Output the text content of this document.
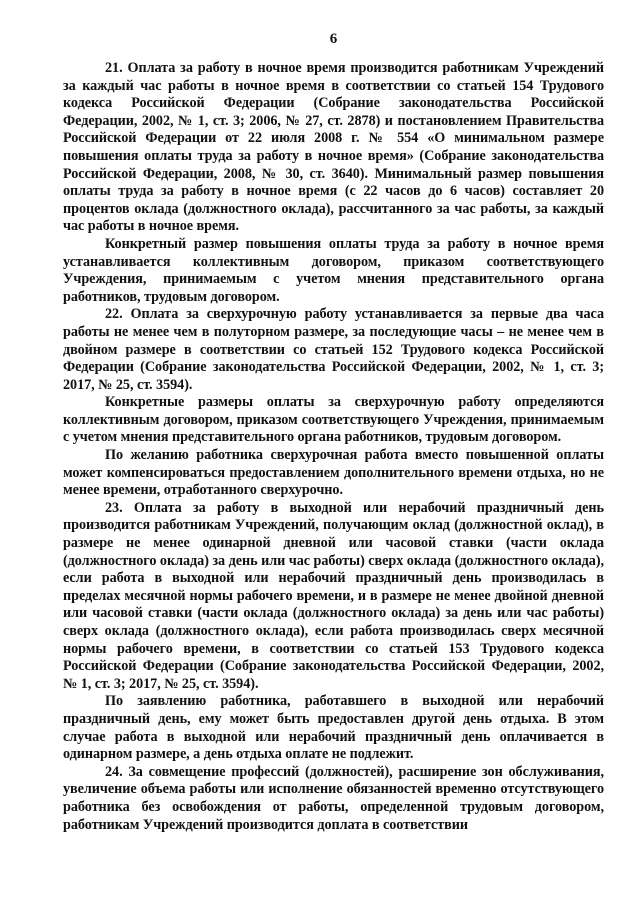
6

21. Оплата за работу в ночное время производится работникам Учреждений за каждый час работы в ночное время в соответствии со статьей 154 Трудового кодекса Российской Федерации (Собрание законодательства Российской Федерации, 2002, № 1, ст. 3; 2006, № 27, ст. 2878) и постановлением Правительства Российской Федерации от 22 июля 2008 г. № 554 «О минимальном размере повышения оплаты труда за работу в ночное время» (Собрание законодательства Российской Федерации, 2008, № 30, ст. 3640). Минимальный размер повышения оплаты труда за работу в ночное время (с 22 часов до 6 часов) составляет 20 процентов оклада (должностного оклада), рассчитанного за час работы, за каждый час работы в ночное время.

Конкретный размер повышения оплаты труда за работу в ночное время устанавливается коллективным договором, приказом соответствующего Учреждения, принимаемым с учетом мнения представительного органа работников, трудовым договором.

22. Оплата за сверхурочную работу устанавливается за первые два часа работы не менее чем в полуторном размере, за последующие часы – не менее чем в двойном размере в соответствии со статьей 152 Трудового кодекса Российской Федерации (Собрание законодательства Российской Федерации, 2002, № 1, ст. 3; 2017, № 25, ст. 3594).

Конкретные размеры оплаты за сверхурочную работу определяются коллективным договором, приказом соответствующего Учреждения, принимаемым с учетом мнения представительного органа работников, трудовым договором.

По желанию работника сверхурочная работа вместо повышенной оплаты может компенсироваться предоставлением дополнительного времени отдыха, но не менее времени, отработанного сверхурочно.

23. Оплата за работу в выходной или нерабочий праздничный день производится работникам Учреждений, получающим оклад (должностной оклад), в размере не менее одинарной дневной или часовой ставки (части оклада (должностного оклада) за день или час работы) сверх оклада (должностного оклада), если работа в выходной или нерабочий праздничный день производилась в пределах месячной нормы рабочего времени, и в размере не менее двойной дневной или часовой ставки (части оклада (должностного оклада) за день или час работы) сверх оклада (должностного оклада), если работа производилась сверх месячной нормы рабочего времени, в соответствии со статьей 153 Трудового кодекса Российской Федерации (Собрание законодательства Российской Федерации, 2002, № 1, ст. 3; 2017, № 25, ст. 3594).

По заявлению работника, работавшего в выходной или нерабочий праздничный день, ему может быть предоставлен другой день отдыха. В этом случае работа в выходной или нерабочий праздничный день оплачивается в одинарном размере, а день отдыха оплате не подлежит.

24. За совмещение профессий (должностей), расширение зон обслуживания, увеличение объема работы или исполнение обязанностей временно отсутствующего работника без освобождения от работы, определенной трудовым договором, работникам Учреждений производится доплата в соответствии
